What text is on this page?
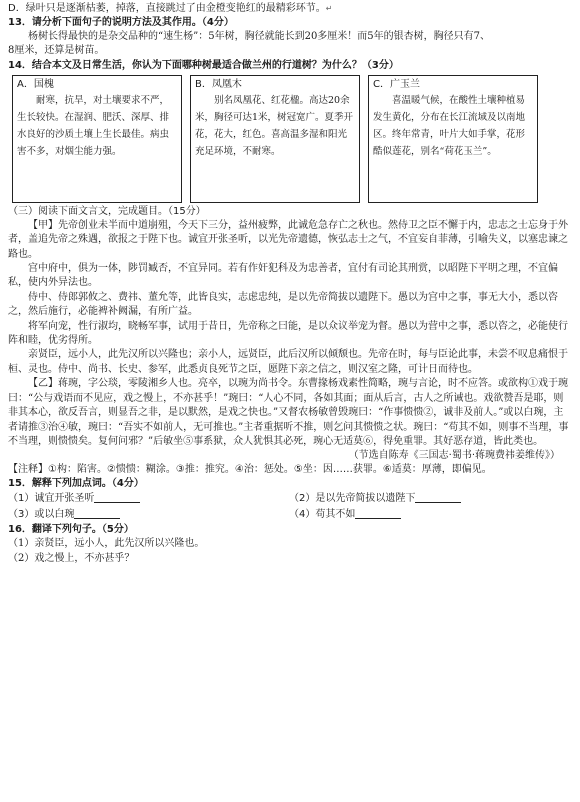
D．绿叶只是逐渐枯萎，掉落，直接跳过了由金橙变艳红的最精彩环节。↵
13．请分析下面句子的说明方法及其作用。（4分）
杨树长得最快的是杂交品种的“速生杨”：5年树，胸径就能长到20多厘米！而5年的银杏树，胸径只有7、
8厘米，还算是树苗。
14．结合本文及日常生活，你认为下面哪种树最适合做兰州的行道树？为什么？（3分）
A．国槐
耐寒，抗旱，对土壤要求不严，生长较快。在湿润、肥沃、深厚、排水良好的沙质土壤上生长最佳。病虫害不多，对烟尘能力强。
B．凤凰木
别名凤凰花、红花楹。高达20余米，胸径可达1米，树冠宽广。夏季开花，花大，红色。喜高温多湿和阳光充足环境，不耐寒。
C．广玉兰
喜温暖气候，在酸性土壤种植易发生黄化，分布在长江流域及以南地区。终年常青，叶片大如手掌，花形酷似莲花，别名“荷花玉兰”。
（三）阅读下面文言文，完成题目。（15分）
【甲】先帝创业未半而中道崩殂，今天下三分，益州疲弊，此诚危急存亡之秋也。然侍卫之臣不懈于内，忠志之士忘身于外者，盖追先帝之殊遇，欲报之于陛下也。诚宜开张圣听，以光先帝遗德，恢弘志士之气，不宜妄自菲薄，引喻失义，以塞忠谏之路也。
宫中府中，俱为一体，陟罚臧否，不宜异同。若有作奸犯科及为忠善者，宜付有司论其刑赏，以昭陛下平明之理，不宜偏私，使内外异法也。
侍中、侍郎郭攸之、费祎、董允等，此皆良实，志虑忠纯，是以先帝简拔以遗陛下。愚以为宫中之事，事无大小，悉以咨之，然后施行，必能裨补阙漏，有所广益。
将军向宠，性行淑均，晓畅军事，试用于昔日，先帝称之曰能，是以众议举宠为督。愚以为营中之事，悉以咨之，必能使行阵和睦，优劣得所。
亲贤臣，远小人，此先汉所以兴隆也；亲小人，远贤臣，此后汉所以倾颓也。先帝在时，每与臣论此事，未尝不叹息痛恨于桓、灵也。侍中、尚书、长史、参军，此悉贞良死节之臣，愿陛下亲之信之，则汉室之隆，可计日而待也。
【乙】蒋琬，字公琰，零陵湘乡人也。亮卒，以琬为尚书令。东曹掾杨戏素性简略，琬与言论，时不应答。或欲构①戏于琬曰：“公与戏语而不见应，戏之慢上，不亦甚乎！”琬曰：“人心不同，各如其面；面从后言，古人之所诫也。戏欲赞吾是耶，则非其本心，欲反吾言，则显吾之非，是以默然，是戏之快也。”又督农杨敏曾毁琬曰：“作事愦愦②，诚非及前人。”或以白琬，主者请推③治④敏，琬曰：“吾实不如前人，无可推也。”主者重据听不推，则乞问其愦愦之状。琬曰：“苟其不如，则事不当理，事不当理，则愦愦矣。复何问邪？”后敏坐⑤事系狱，众人犹惧其必死，琬心无适莫⑥，得免重罪。其好恶存道，皆此类也。
（节选自陈寿《三国志·蜀书·蒋琬费祎姜维传》）
【注释】①构：陷害。②愦愦：糊涂。③推：推究。④治：惩处。⑤坐：因……获罪。⑥适莫：厚薄，即偏见。
15．解释下列加点词。（4分）
（1）诚宜开张圣听	（2）是以先帝简拔以遗陛下
（3）或以白琬	（4）苟其不如
16．翻译下列句子。（5分）
（1）亲贤臣，远小人，此先汉所以兴隆也。
（2）戏之慢上，不亦甚乎？
